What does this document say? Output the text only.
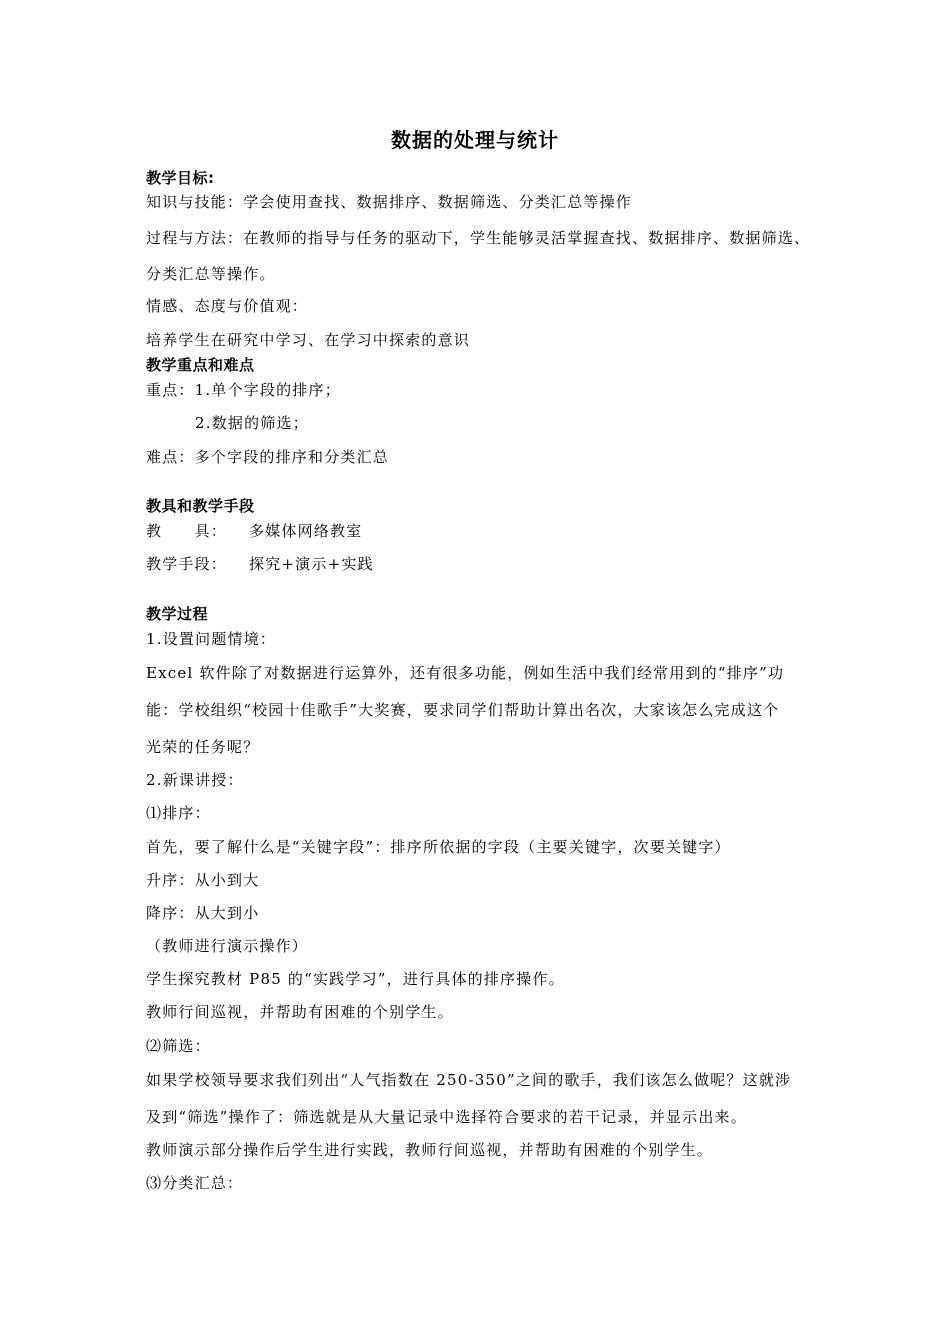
数据的处理与统计
教学目标:
知识与技能：学会使用查找、数据排序、数据筛选、分类汇总等操作
过程与方法：在教师的指导与任务的驱动下，学生能够灵活掌握查找、数据排序、数据筛选、
分类汇总等操作。
情感、态度与价值观：
培养学生在研究中学习、在学习中探索的意识
教学重点和难点
重点：1.单个字段的排序；
2.数据的筛选；
难点：多个字段的排序和分类汇总
教具和教学手段
教　　具： 多媒体网络教室
教学手段： 探究+演示+实践
教学过程
1.设置问题情境：
Excel 软件除了对数据进行运算外，还有很多功能，例如生活中我们经常用到的“排序”功
能：学校组织“校园十佳歌手”大奖赛，要求同学们帮助计算出名次，大家该怎么完成这个
光荣的任务呢？
2.新课讲授：
⑴排序：
首先，要了解什么是“关键字段”：排序所依据的字段（主要关键字，次要关键字）
升序：从小到大
降序：从大到小
（教师进行演示操作）
学生探究教材 P85 的“实践学习”，进行具体的排序操作。
教师行间巡视，并帮助有困难的个别学生。
⑵筛选：
如果学校领导要求我们列出“人气指数在 250-350”之间的歌手，我们该怎么做呢？这就涉
及到“筛选”操作了：筛选就是从大量记录中选择符合要求的若干记录，并显示出来。
教师演示部分操作后学生进行实践，教师行间巡视，并帮助有困难的个别学生。
⑶分类汇总：
